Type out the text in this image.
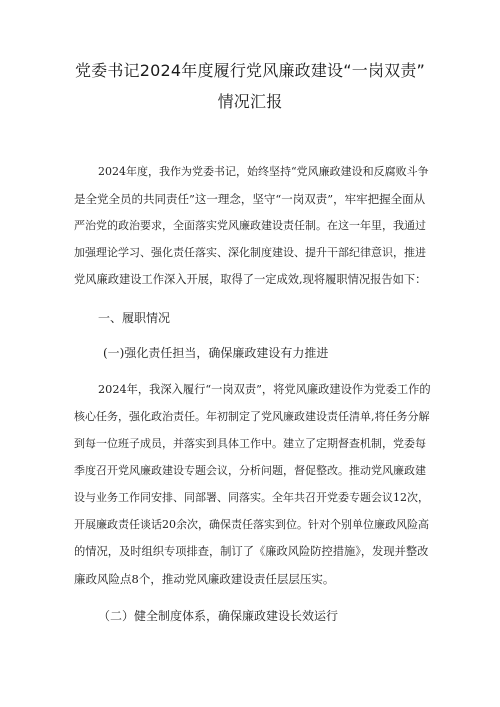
党委书记2024年度履行党风廉政建设“一岗双责”
情况汇报
2024年度，我作为党委书记，始终坚持“党风廉政建设和反腐败斗争
是全党全员的共同责任”这一理念，坚守“一岗双责”，牢牢把握全面从
严治党的政治要求，全面落实党风廉政建设责任制。在这一年里，我通过
加强理论学习、强化责任落实、深化制度建设、提升干部纪律意识，推进
党风廉政建设工作深入开展，取得了一定成效,现将履职情况报告如下：
一、履职情况
(一)强化责任担当，确保廉政建设有力推进
2024年，我深入履行“一岗双责”，将党风廉政建设作为党委工作的
核心任务，强化政治责任。年初制定了党风廉政建设责任清单,将任务分解
到每一位班子成员，并落实到具体工作中。建立了定期督查机制，党委每
季度召开党风廉政建设专题会议，分析问题，督促整改。推动党风廉政建
设与业务工作同安排、同部署、同落实。全年共召开党委专题会议12次，
开展廉政责任谈话20余次，确保责任落实到位。针对个别单位廉政风险高
的情况，及时组织专项排查，制订了《廉政风险防控措施》，发现并整改
廉政风险点8个，推动党风廉政建设责任层层压实。
（二）健全制度体系，确保廉政建设长效运行
